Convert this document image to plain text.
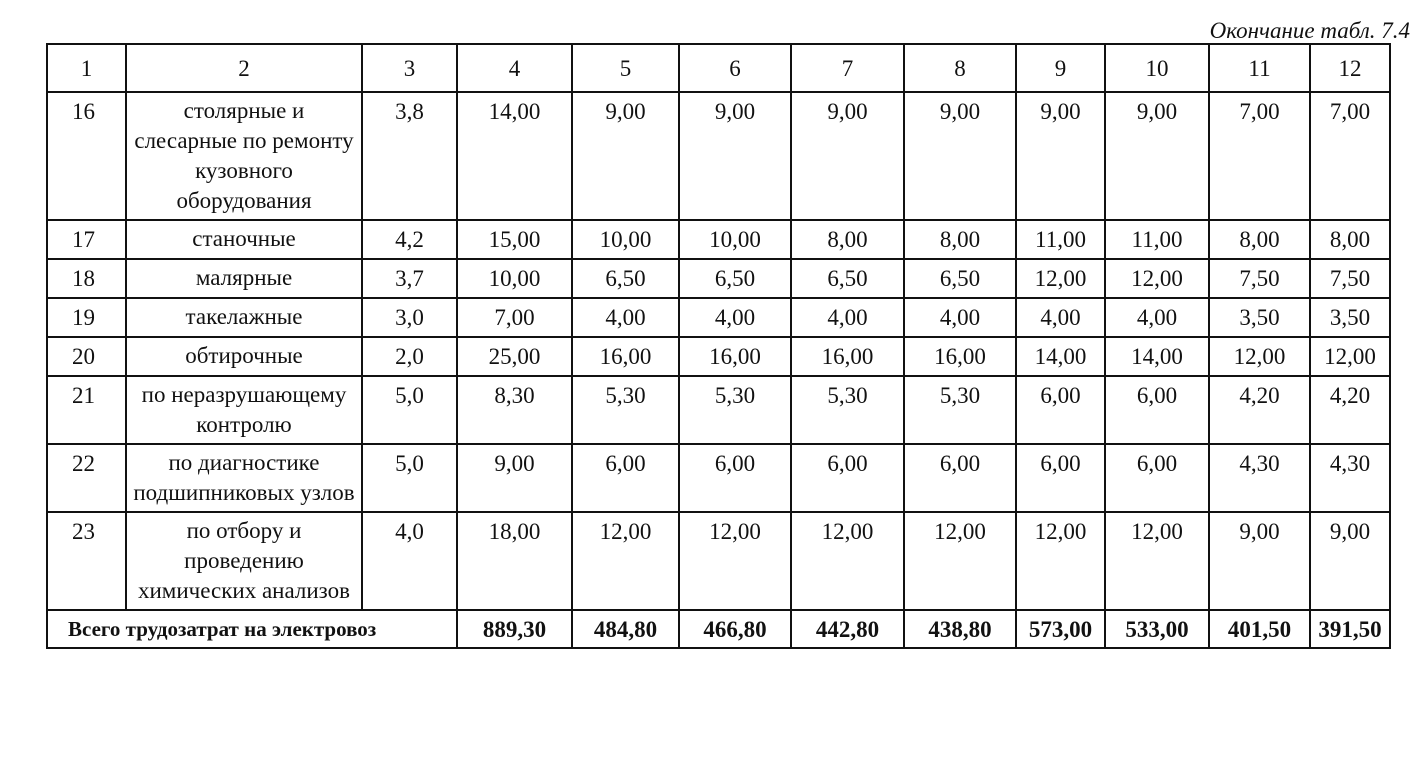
Окончание табл. 7.4
1	2	3	4	5	6	7	8	9	10	11	12
16	столярные и слесарные по ремонту кузовного оборудования	3,8	14,00	9,00	9,00	9,00	9,00	9,00	9,00	7,00	7,00
17	станочные	4,2	15,00	10,00	10,00	8,00	8,00	11,00	11,00	8,00	8,00
18	малярные	3,7	10,00	6,50	6,50	6,50	6,50	12,00	12,00	7,50	7,50
19	такелажные	3,0	7,00	4,00	4,00	4,00	4,00	4,00	4,00	3,50	3,50
20	обтирочные	2,0	25,00	16,00	16,00	16,00	16,00	14,00	14,00	12,00	12,00
21	по неразрушающему контролю	5,0	8,30	5,30	5,30	5,30	5,30	6,00	6,00	4,20	4,20
22	по диагностике подшипниковых узлов	5,0	9,00	6,00	6,00	6,00	6,00	6,00	6,00	4,30	4,30
23	по отбору и проведению химических анализов	4,0	18,00	12,00	12,00	12,00	12,00	12,00	12,00	9,00	9,00
Всего трудозатрат на электровоз			889,30	484,80	466,80	442,80	438,80	573,00	533,00	401,50	391,50
